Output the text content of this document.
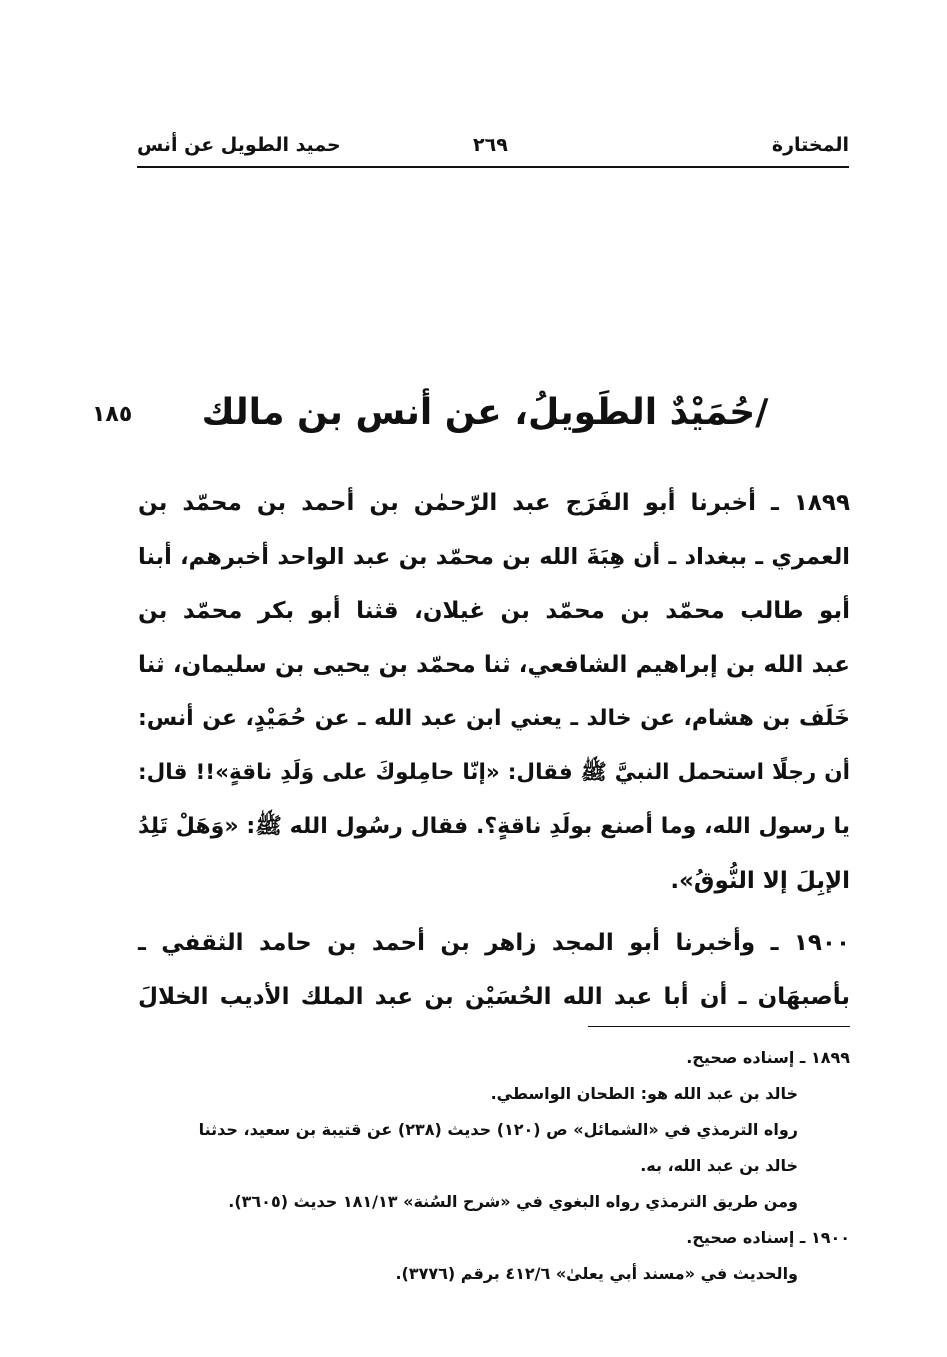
المختارة
٢٦٩
حميد الطويل عن أنس
١٨٥ /حُمَيْدٌ الطَويلُ، عن أنس بن مالك
١٨٩٩ ـ أخبرنا أبو الفَرَج عبد الرّحمٰن بن أحمد بن محمّد بن
العمري ـ ببغداد ـ أن هِبَةَ الله بن محمّد بن عبد الواحد أخبرهم، أبنا
أبو طالب محمّد بن محمّد بن غيلان، قثنا أبو بكر محمّد بن
عبد الله بن إبراهيم الشافعي، ثنا محمّد بن يحيى بن سليمان، ثنا
خَلَف بن هشام، عن خالد ـ يعني ابن عبد الله ـ عن حُمَيْدٍ، عن أنس:
أن رجلًا استحمل النبيَّ ﷺ فقال: «إنّا حامِلوكَ على وَلَدِ ناقةٍ»!! قال:
يا رسول الله، وما أصنع بولَدِ ناقةٍ؟. فقال رسُول الله ﷺ: «وَهَلْ تَلِدُ
الإبِلَ إلا النُّوقُ».
١٩٠٠ ـ وأخبرنا أبو المجد زاهر بن أحمد بن حامد الثقفي ـ
بأصبهَان ـ أن أبا عبد الله الحُسَيْن بن عبد الملك الأديب الخلالَ
١٨٩٩ ـ إسناده صحيح.
خالد بن عبد الله هو: الطحان الواسطي.
رواه الترمذي في «الشمائل» ص (١٢٠) حديث (٢٣٨) عن قتيبة بن سعيد، حدثنا
خالد بن عبد الله، به.
ومن طريق الترمذي رواه البغوي في «شرح السُنة» ١٨١/١٣ حديث (٣٦٠٥).
١٩٠٠ ـ إسناده صحيح.
والحديث في «مسند أبي يعلىٰ» ٤١٢/٦ برقم (٣٧٧٦).
